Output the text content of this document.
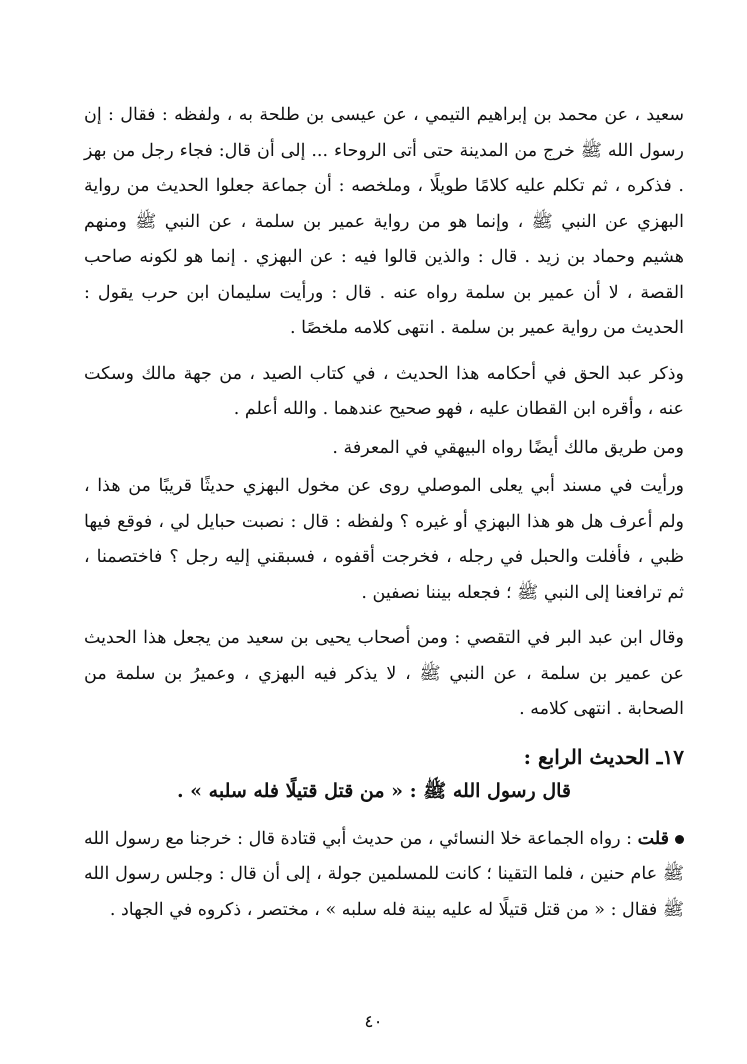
سعيد ، عن محمد بن إبراهيم التيمي ، عن عيسى بن طلحة به ، ولفظه : فقال : إن رسول الله ﷺ خرج من المدينة حتى أتى الروحاء ... إلى أن قال: فجاء رجل من بهز . فذكره ، ثم تكلم عليه كلامًا طويلًا ، وملخصه : أن جماعة جعلوا الحديث من رواية البهزي عن النبي ﷺ ، وإنما هو من رواية عمير بن سلمة ، عن النبي ﷺ ومنهم هشيم وحماد بن زيد . قال : والذين قالوا فيه : عن البهزي . إنما هو لكونه صاحب القصة ، لا أن عمير بن سلمة رواه عنه . قال : ورأيت سليمان ابن حرب يقول : الحديث من رواية عمير بن سلمة . انتهى كلامه ملخصًا .

وذكر عبد الحق في أحكامه هذا الحديث ، في كتاب الصيد ، من جهة مالك وسكت عنه ، وأقره ابن القطان عليه ، فهو صحيح عندهما . والله أعلم .

ومن طريق مالك أيضًا رواه البيهقي في المعرفة .

ورأيت في مسند أبي يعلى الموصلي روى عن مخول البهزي حديثًا قريبًا من هذا ، ولم أعرف هل هو هذا البهزي أو غيره ؟ ولفظه : قال : نصبت حبايل لي ، فوقع فيها ظبي ، فأفلت والحبل في رجله ، فخرجت أقفوه ، فسبقني إليه رجل ؟ فاختصمنا ، ثم ترافعنا إلى النبي ﷺ ؛ فجعله بيننا نصفين .

وقال ابن عبد البر في التقصي : ومن أصحاب يحيى بن سعيد من يجعل هذا الحديث عن عمير بن سلمة ، عن النبي ﷺ ، لا يذكر فيه البهزي ، وعميرُ بن سلمة من الصحابة . انتهى كلامه .

١٧ـ الحديث الرابع :
قال رسول الله ﷺ : « من قتل قتيلًا فله سلبه » .

قلت : رواه الجماعة خلا النسائي ، من حديث أبي قتادة قال : خرجنا مع رسول الله ﷺ عام حنين ، فلما التقينا ؛ كانت للمسلمين جولة ، إلى أن قال : وجلس رسول الله ﷺ فقال : « من قتل قتيلًا له عليه بينة فله سلبه » ، مختصر ، ذكروه في الجهاد .

٤٠
